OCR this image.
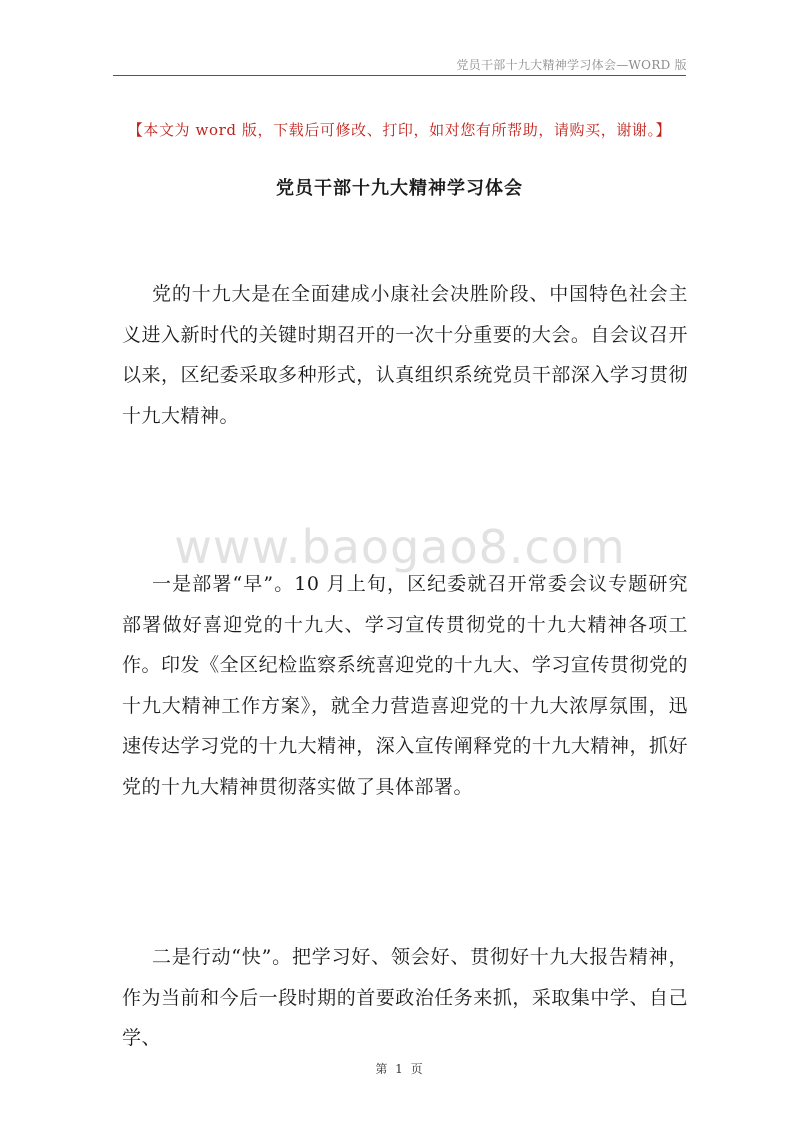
党员干部十九大精神学习体会—WORD 版
【本文为 word 版，下载后可修改、打印，如对您有所帮助，请购买，谢谢。】
党员干部十九大精神学习体会

党的十九大是在全面建成小康社会决胜阶段、中国特色社会主义进入新时代的关键时期召开的一次十分重要的大会。自会议召开以来，区纪委采取多种形式，认真组织系统党员干部深入学习贯彻十九大精神。

www.baogao8.com

一是部署“早”。10 月上旬，区纪委就召开常委会议专题研究部署做好喜迎党的十九大、学习宣传贯彻党的十九大精神各项工作。印发《全区纪检监察系统喜迎党的十九大、学习宣传贯彻党的十九大精神工作方案》，就全力营造喜迎党的十九大浓厚氛围，迅速传达学习党的十九大精神，深入宣传阐释党的十九大精神，抓好党的十九大精神贯彻落实做了具体部署。

二是行动“快”。把学习好、领会好、贯彻好十九大报告精神，作为当前和今后一段时期的首要政治任务来抓，采取集中学、自己学、

第 1 页
